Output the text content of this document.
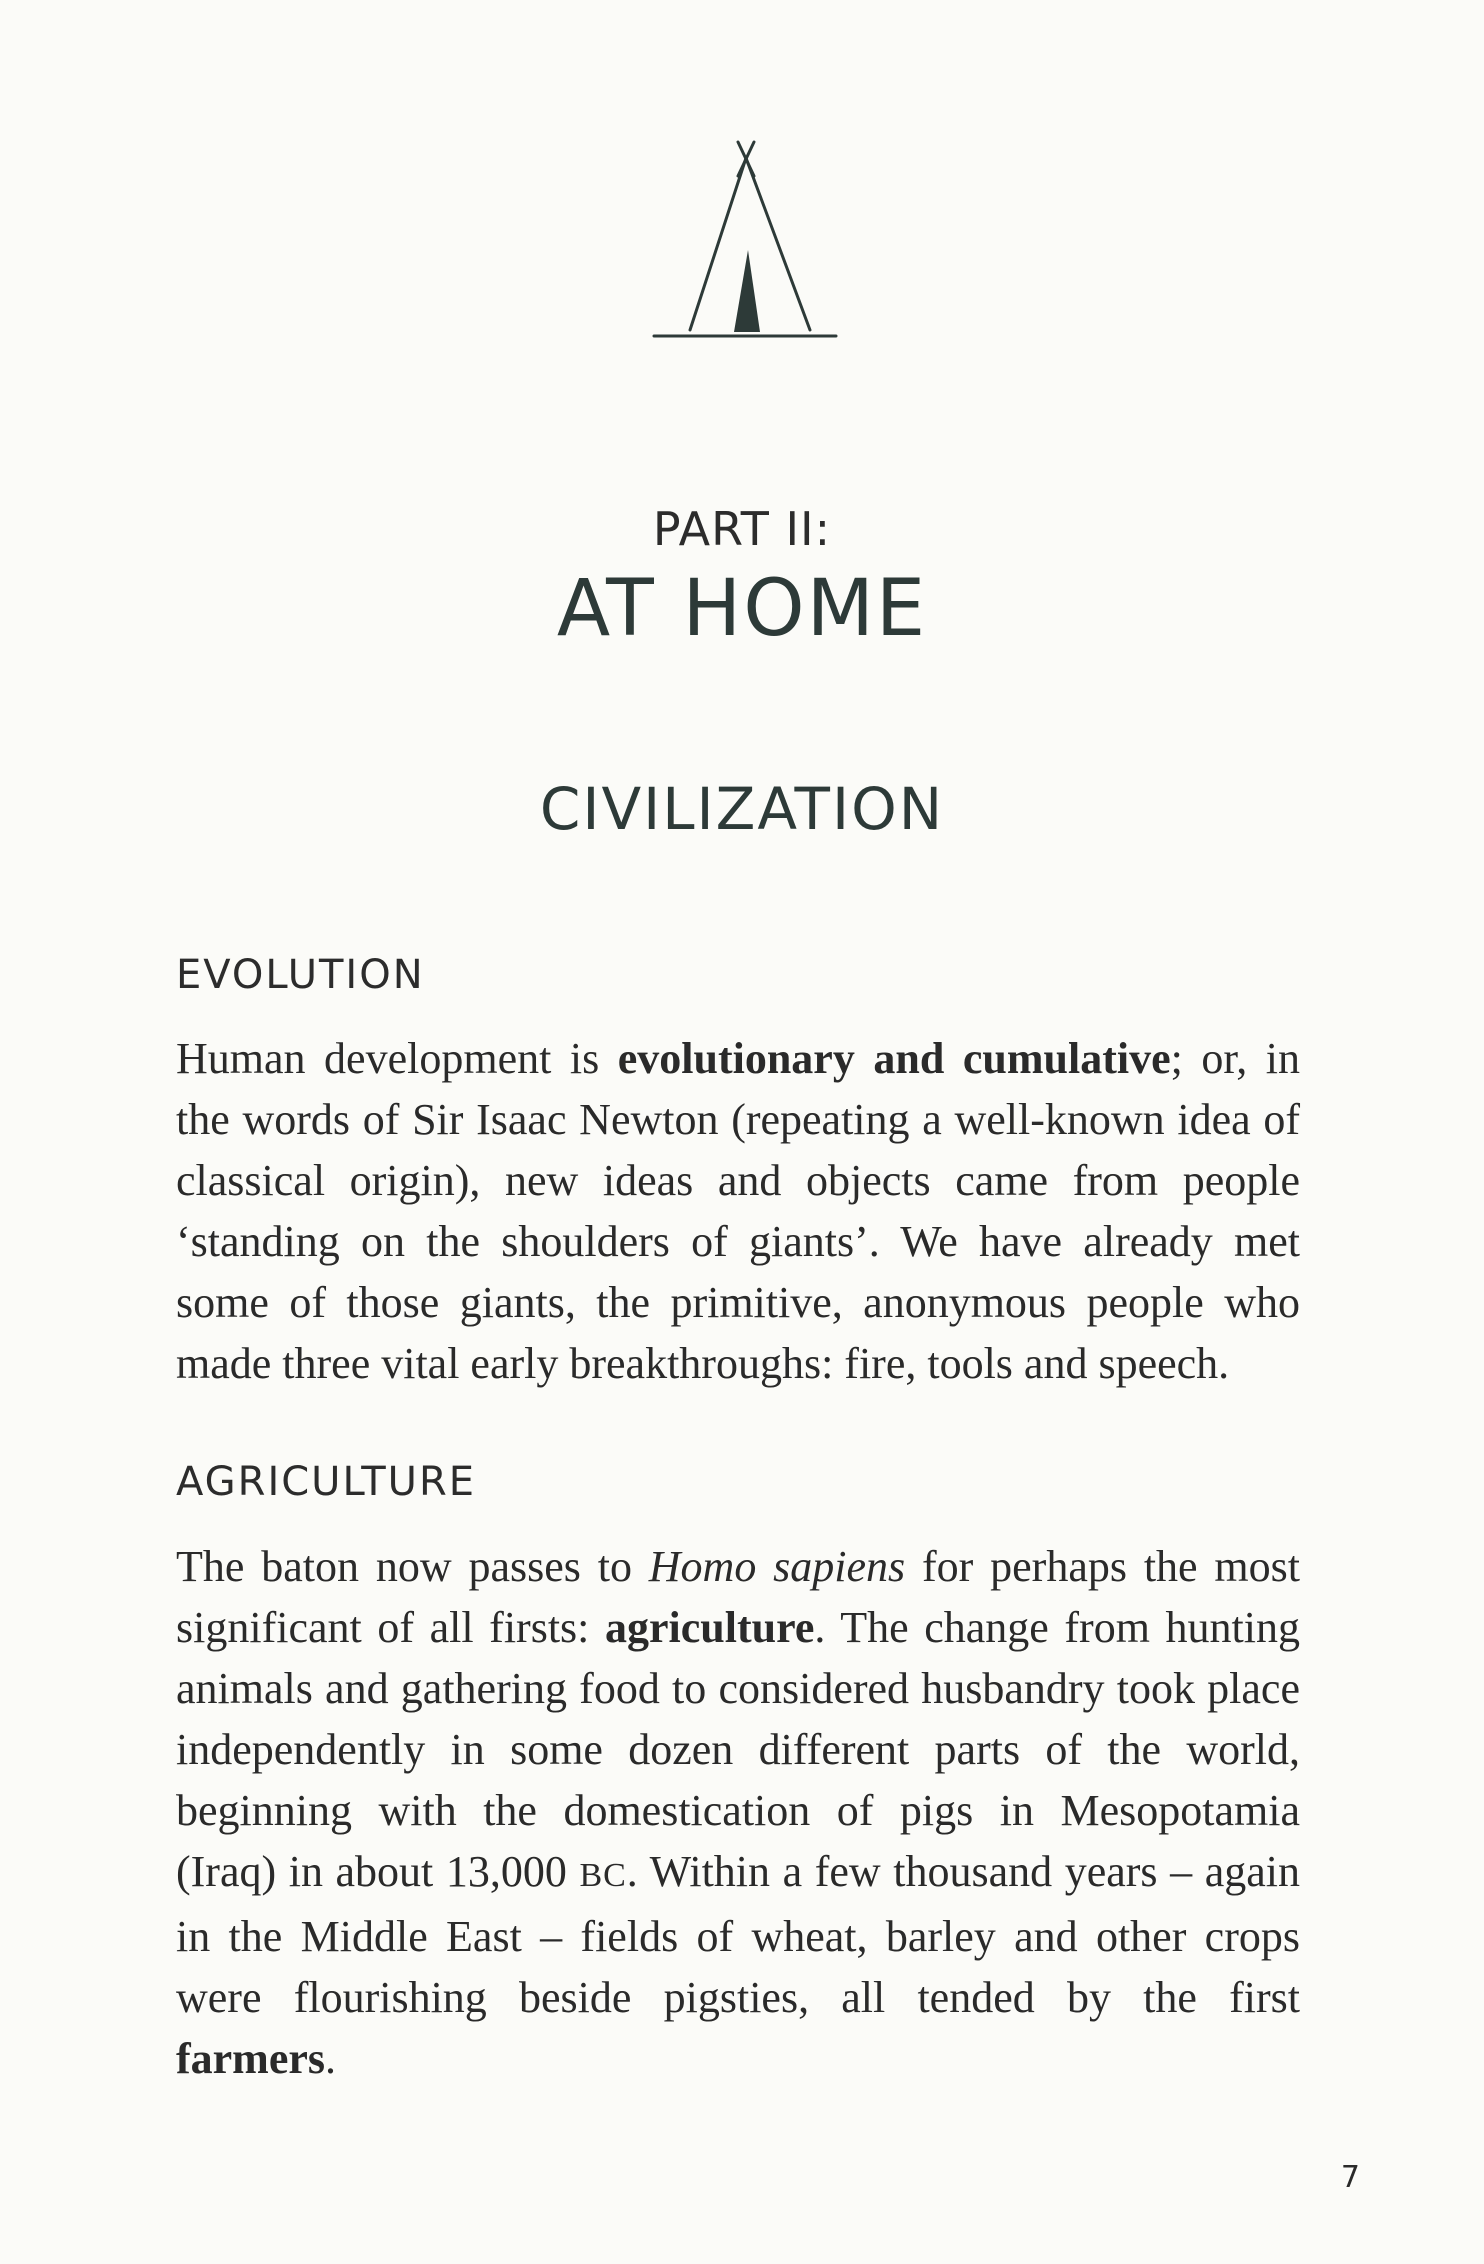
PART II:
AT HOME
CIVILIZATION
EVOLUTION

Human development is evolutionary and cumulative; or, in the words of Sir Isaac Newton (repeating a well-known idea of classical origin), new ideas and objects came from people ‘standing on the shoulders of giants’. We have already met some of those giants, the primitive, anonymous people who made three vital early breakthroughs: fire, tools and speech.

AGRICULTURE

The baton now passes to Homo sapiens for perhaps the most significant of all firsts: agriculture. The change from hunting animals and gathering food to considered husbandry took place independently in some dozen different parts of the world, beginning with the domestication of pigs in Mesopotamia (Iraq) in about 13,000 BC. Within a few thousand years – again in the Middle East – fields of wheat, barley and other crops were flourishing beside pigsties, all tended by the first farmers.

7
